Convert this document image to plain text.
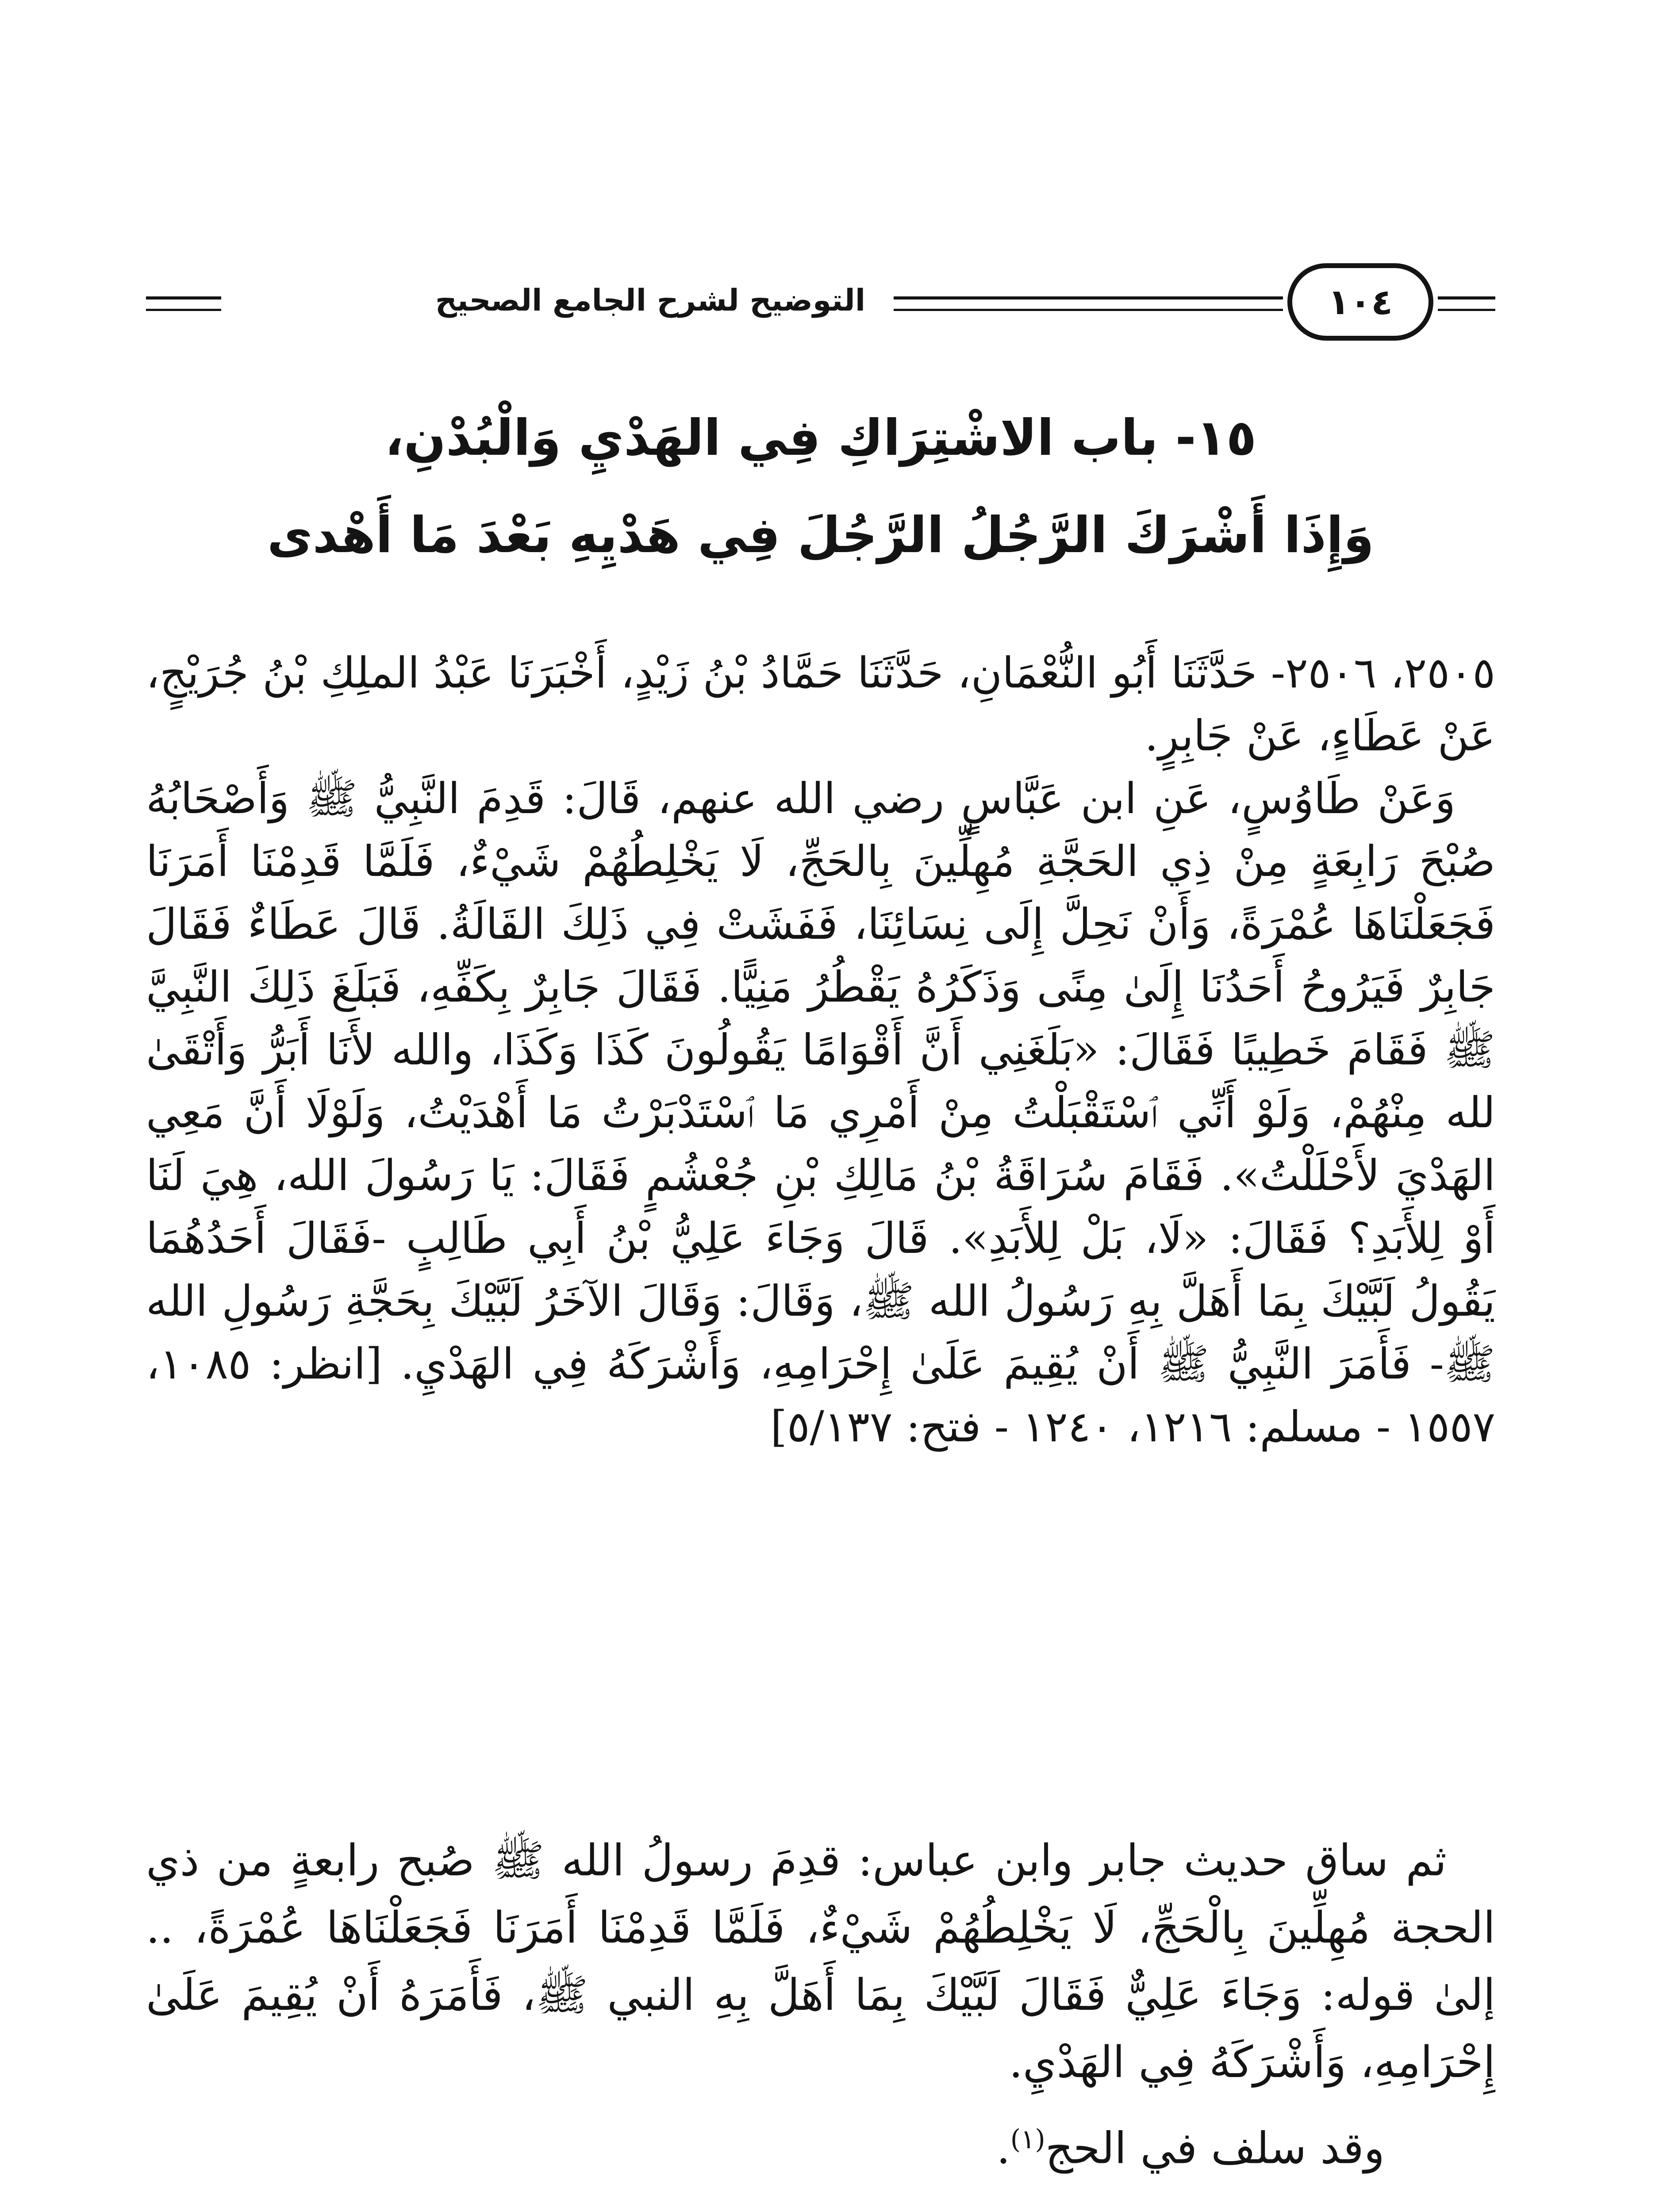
التوضيح لشرح الجامع الصحيح	١٠٤
١٥- باب الاشْتِرَاكِ فِي الهَدْيِ وَالْبُدْنِ،
وَإِذَا أَشْرَكَ الرَّجُلُ الرَّجُلَ فِي هَدْيِهِ بَعْدَ مَا أَهْدى

٢٥٠٥، ٢٥٠٦- حَدَّثَنَا أَبُو النُّعْمَانِ، حَدَّثَنَا حَمَّادُ بْنُ زَيْدٍ، أَخْبَرَنَا عَبْدُ الملِكِ بْنُ جُرَيْجٍ، عَنْ عَطَاءٍ، عَنْ جَابِرٍ.

وَعَنْ طَاوُسٍ، عَنِ ابن عَبَّاسٍ رضي الله عنهم، قَالَ: قَدِمَ النَّبِيُّ ﷺ وَأَصْحَابُهُ صُبْحَ رَابِعَةٍ مِنْ ذِي الحَجَّةِ مُهِلِّينَ بِالحَجِّ، لَا يَخْلِطُهُمْ شَيْءٌ، فَلَمَّا قَدِمْنَا أَمَرَنَا فَجَعَلْنَاهَا عُمْرَةً، وَأَنْ نَحِلَّ إِلَى نِسَائِنَا، فَفَشَتْ فِي ذَلِكَ القَالَةُ. قَالَ عَطَاءٌ فَقَالَ جَابِرٌ فَيَرُوحُ أَحَدُنَا إِلَىٰ مِنًى وَذَكَرُهُ يَقْطُرُ مَنِيًّا. فَقَالَ جَابِرٌ بِكَفِّهِ، فَبَلَغَ ذَلِكَ النَّبِيَّ ﷺ فَقَامَ خَطِيبًا فَقَالَ: «بَلَغَنِي أَنَّ أَقْوَامًا يَقُولُونَ كَذَا وَكَذَا، والله لأَنَا أَبَرُّ وَأَتْقَىٰ لله مِنْهُمْ، وَلَوْ أَنِّي ٱسْتَقْبَلْتُ مِنْ أَمْرِي مَا ٱسْتَدْبَرْتُ مَا أَهْدَيْتُ، وَلَوْلَا أَنَّ مَعِي الهَدْيَ لأَحْلَلْتُ». فَقَامَ سُرَاقَةُ بْنُ مَالِكِ بْنِ جُعْشُمٍ فَقَالَ: يَا رَسُولَ الله، هِيَ لَنَا أَوْ لِلأَبَدِ؟ فَقَالَ: «لَا، بَلْ لِلأَبَدِ». قَالَ وَجَاءَ عَلِيُّ بْنُ أَبِي طَالِبٍ -فَقَالَ أَحَدُهُمَا يَقُولُ لَبَّيْكَ بِمَا أَهَلَّ بِهِ رَسُولُ الله ﷺ، وَقَالَ: وَقَالَ الآخَرُ لَبَّيْكَ بِحَجَّةِ رَسُولِ الله ﷺ- فَأَمَرَ النَّبِيُّ ﷺ أَنْ يُقِيمَ عَلَىٰ إِحْرَامِهِ، وَأَشْرَكَهُ فِي الهَدْيِ. [انظر: ١٠٨٥، ١٥٥٧ - مسلم: ١٢١٦، ١٢٤٠ - فتح: ٥/١٣٧]

ثم ساق حديث جابر وابن عباس: قدِمَ رسولُ الله ﷺ صُبح رابعةٍ من ذي الحجة مُهِلِّينَ بِالْحَجِّ، لَا يَخْلِطُهُمْ شَيْءٌ، فَلَمَّا قَدِمْنَا أَمَرَنَا فَجَعَلْنَاهَا عُمْرَةً، .. إلىٰ قوله: وَجَاءَ عَلِيٌّ فَقَالَ لَبَّيْكَ بِمَا أَهَلَّ بِهِ النبي ﷺ، فَأَمَرَهُ أَنْ يُقِيمَ عَلَىٰ إِحْرَامِهِ، وَأَشْرَكَهُ فِي الهَدْيِ.

وقد سلف في الحج$^{(١)}$.
